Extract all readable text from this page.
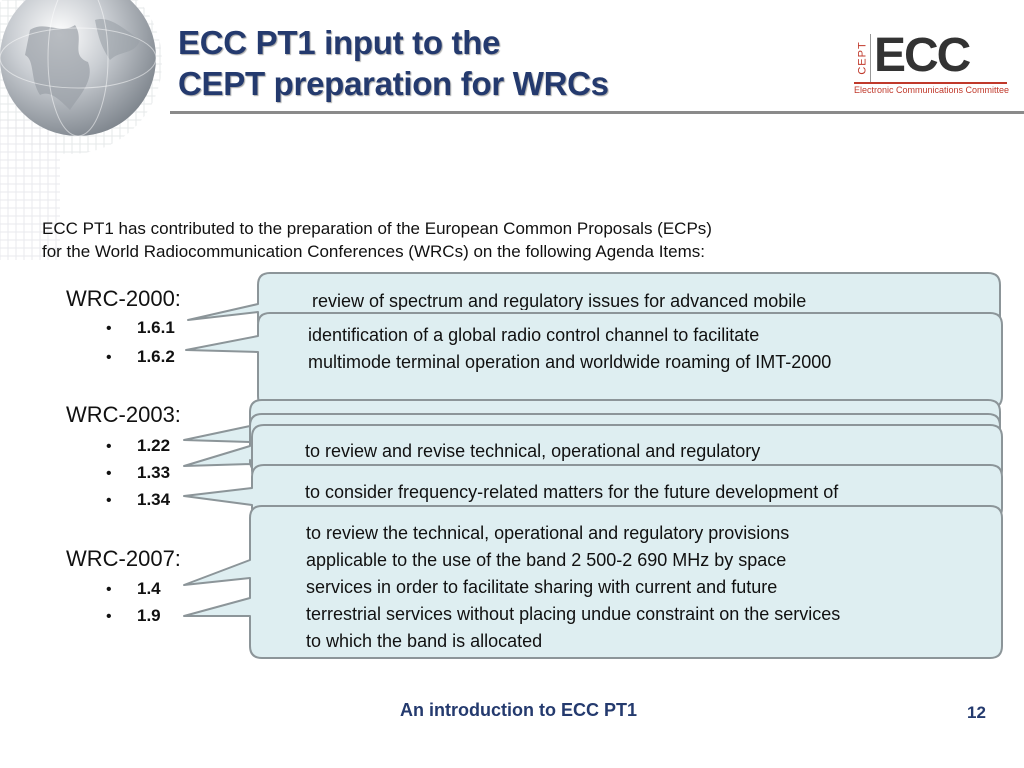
ECC PT1 input to the
CEPT preparation for WRCs
CEPT ECC
Electronic Communications Committee
ECC PT1 has contributed to the preparation of the European Common Proposals (ECPs)
for the World Radiocommunication Conferences (WRCs) on the following Agenda Items:
WRC-2000:
• 1.6.1
• 1.6.2
WRC-2003:
• 1.22
• 1.33
• 1.34
WRC-2007:
• 1.4
• 1.9
review of spectrum and regulatory issues for advanced mobile
identification of a global radio control channel to facilitate
multimode terminal operation and worldwide roaming of IMT-2000
to review and revise technical, operational and regulatory
to consider frequency-related matters for the future development of
to review the technical, operational and regulatory provisions
applicable to the use of the band 2 500-2 690 MHz by space
services in order to facilitate sharing with current and future
terrestrial services without placing undue constraint on the services
to which the band is allocated
An introduction to ECC PT1	12
